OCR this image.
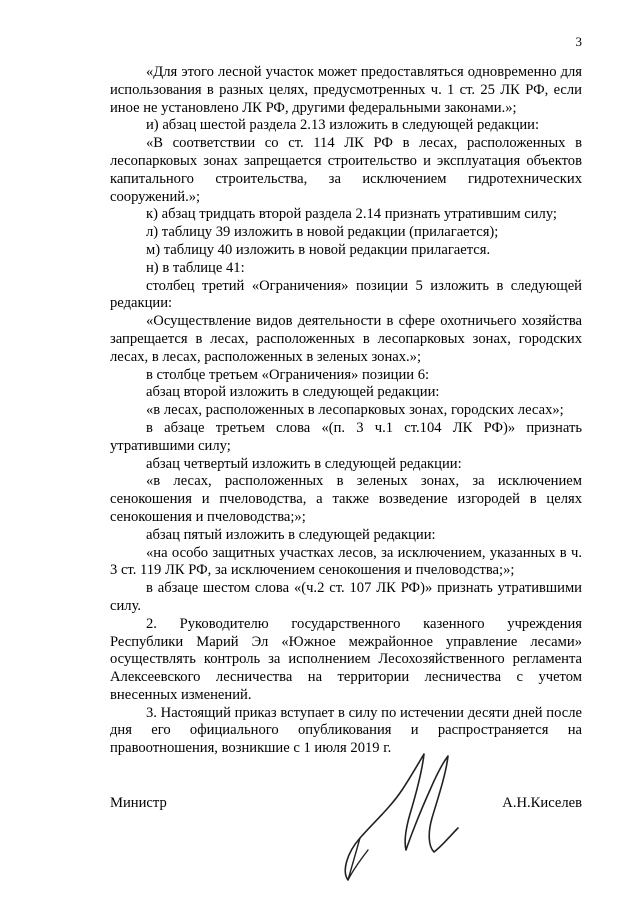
3

«Для этого лесной участок может предоставляться одновременно для использования в разных целях, предусмотренных ч. 1 ст. 25 ЛК РФ, если иное не установлено ЛК РФ, другими федеральными законами.»;

и) абзац шестой раздела 2.13 изложить в следующей редакции:

«В соответствии со ст. 114 ЛК РФ в лесах, расположенных в лесопарковых зонах запрещается строительство и эксплуатация объектов капитального строительства, за исключением гидротехнических сооружений.»;

к) абзац тридцать второй раздела 2.14 признать утратившим силу;

л) таблицу 39 изложить в новой редакции (прилагается);

м) таблицу 40 изложить в новой редакции прилагается.

н) в таблице 41:

столбец третий «Ограничения» позиции 5 изложить в следующей редакции:

«Осуществление видов деятельности в сфере охотничьего хозяйства запрещается в лесах, расположенных в лесопарковых зонах, городских лесах, в лесах, расположенных в зеленых зонах.»;

в столбце третьем «Ограничения» позиции 6:

абзац второй изложить в следующей редакции:

«в лесах, расположенных в лесопарковых зонах, городских лесах»;

в абзаце третьем слова «(п. 3 ч.1 ст.104 ЛК РФ)» признать утратившими силу;

абзац четвертый изложить в следующей редакции:

«в лесах, расположенных в зеленых зонах, за исключением сенокошения и пчеловодства, а также возведение изгородей в целях сенокошения и пчеловодства;»;

абзац пятый изложить в следующей редакции:

«на особо защитных участках лесов, за исключением, указанных в ч. 3 ст. 119 ЛК РФ, за исключением сенокошения и пчеловодства;»;

в абзаце шестом слова «(ч.2 ст. 107 ЛК РФ)» признать утратившими силу.

2. Руководителю государственного казенного учреждения Республики Марий Эл «Южное межрайонное управление лесами» осуществлять контроль за исполнением Лесохозяйственного регламента Алексеевского лесничества на территории лесничества с учетом внесенных изменений.

3. Настоящий приказ вступает в силу по истечении десяти дней после дня его официального опубликования и распространяется на правоотношения, возникшие с 1 июля 2019 г.

Министр	А.Н.Киселев
